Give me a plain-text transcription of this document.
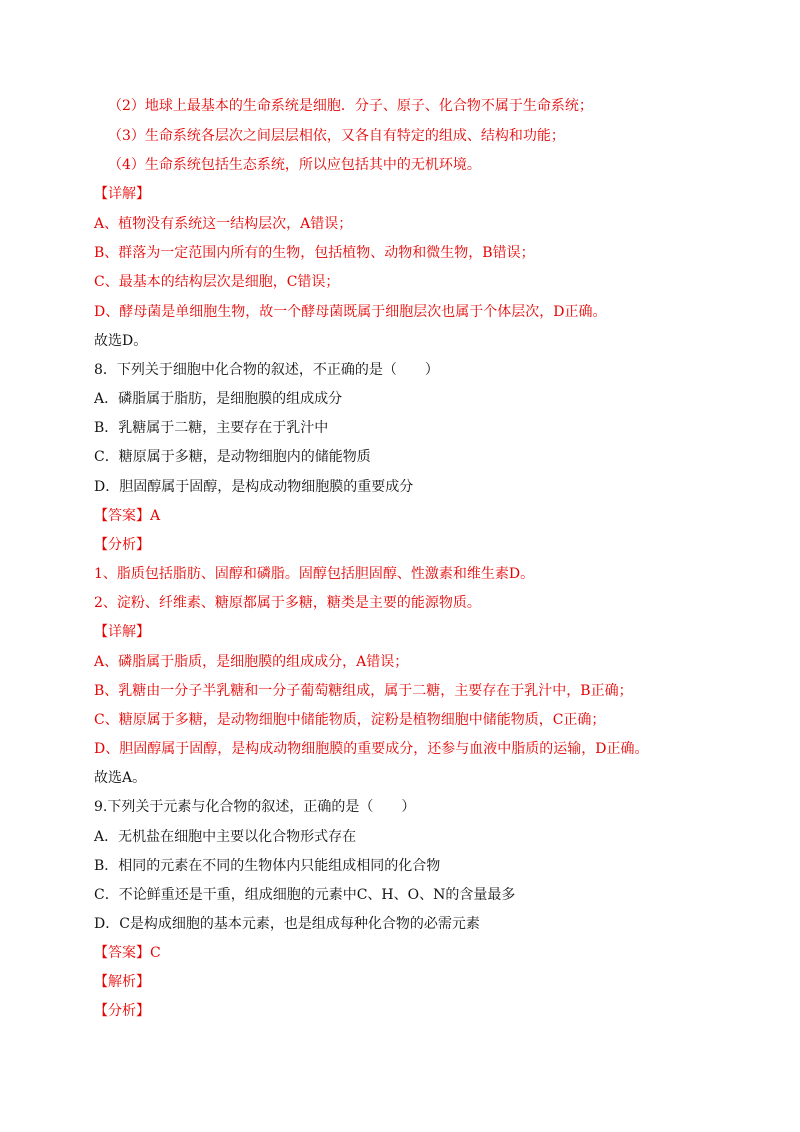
（2）地球上最基本的生命系统是细胞．分子、原子、化合物不属于生命系统；
（3）生命系统各层次之间层层相依，又各自有特定的组成、结构和功能；
（4）生命系统包括生态系统，所以应包括其中的无机环境。
【详解】
A、植物没有系统这一结构层次，A错误；
B、群落为一定范围内所有的生物，包括植物、动物和微生物，B错误；
C、最基本的结构层次是细胞，C错误；
D、酵母菌是单细胞生物，故一个酵母菌既属于细胞层次也属于个体层次，D正确。
故选D。
8．下列关于细胞中化合物的叙述，不正确的是（　　）
A．磷脂属于脂肪，是细胞膜的组成成分
B．乳糖属于二糖，主要存在于乳汁中
C．糖原属于多糖，是动物细胞内的储能物质
D．胆固醇属于固醇，是构成动物细胞膜的重要成分
【答案】A
【分析】
1、脂质包括脂肪、固醇和磷脂。固醇包括胆固醇、性激素和维生素D。
2、淀粉、纤维素、糖原都属于多糖，糖类是主要的能源物质。
【详解】
A、磷脂属于脂质，是细胞膜的组成成分，A错误；
B、乳糖由一分子半乳糖和一分子葡萄糖组成，属于二糖，主要存在于乳汁中，B正确；
C、糖原属于多糖，是动物细胞中储能物质，淀粉是植物细胞中储能物质，C正确；
D、胆固醇属于固醇，是构成动物细胞膜的重要成分，还参与血液中脂质的运输，D正确。
故选A。
9.下列关于元素与化合物的叙述，正确的是（　　）
A．无机盐在细胞中主要以化合物形式存在
B．相同的元素在不同的生物体内只能组成相同的化合物
C．不论鲜重还是干重，组成细胞的元素中C、H、O、N的含量最多
D．C是构成细胞的基本元素，也是组成每种化合物的必需元素
【答案】C
【解析】
【分析】
